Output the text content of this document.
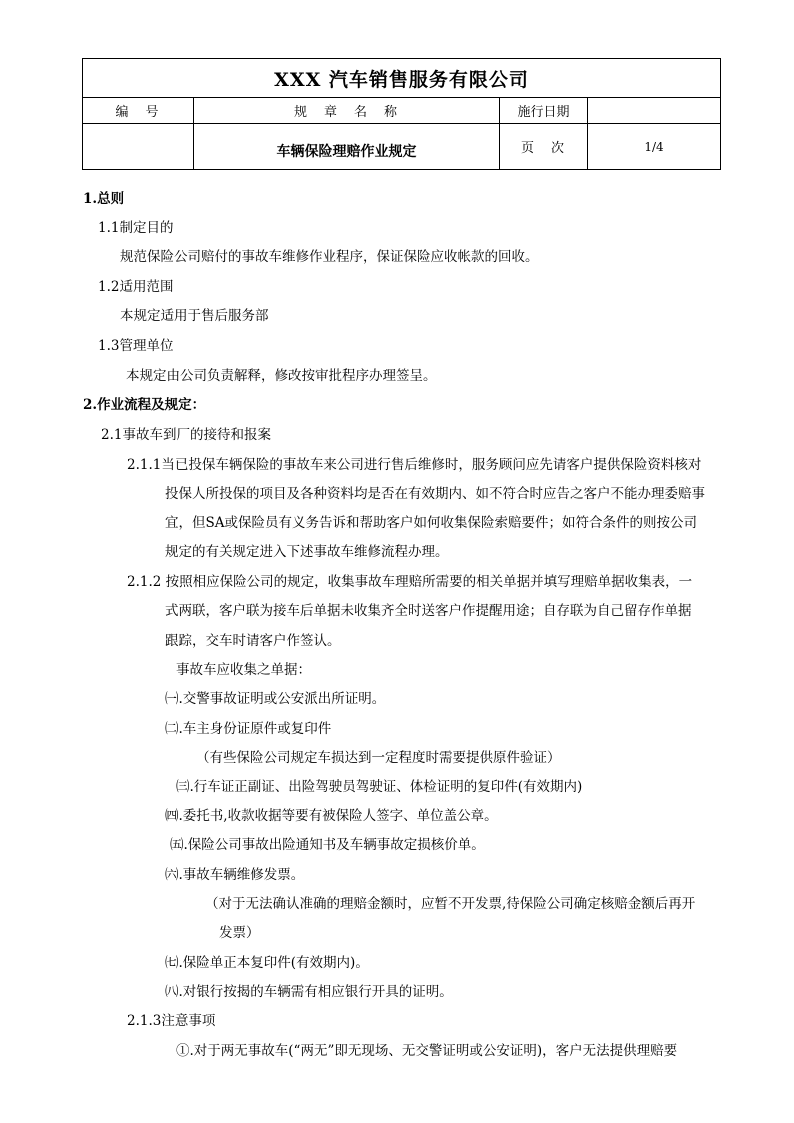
XXX 汽车销售服务有限公司			
编　号	规　章　名　称	施行日期	
	车辆保险理赔作业规定	页　次	1/4
1.总则
1.1制定目的
规范保险公司赔付的事故车维修作业程序，保证保险应收帐款的回收。
1.2适用范围
本规定适用于售后服务部
1.3管理单位
本规定由公司负责解释，修改按审批程序办理签呈。
2.作业流程及规定：
2.1事故车到厂的接待和报案
2.1.1当已投保车辆保险的事故车来公司进行售后维修时，服务顾问应先请客户提供保险资料核对
投保人所投保的项目及各种资料均是否在有效期内、如不符合时应告之客户不能办理委赔事
宜，但SA或保险员有义务告诉和帮助客户如何收集保险索赔要件；如符合条件的则按公司
规定的有关规定进入下述事故车维修流程办理。
2.1.2 按照相应保险公司的规定，收集事故车理赔所需要的相关单据并填写理赔单据收集表，一
式两联，客户联为接车后单据未收集齐全时送客户作提醒用途；自存联为自己留存作单据
跟踪，交车时请客户作签认。
事故车应收集之单据：
㈠.交警事故证明或公安派出所证明。
㈡.车主身份证原件或复印件
（有些保险公司规定车损达到一定程度时需要提供原件验证）
㈢.行车证正副证、出险驾驶员驾驶证、体检证明的复印件(有效期内)
㈣.委托书,收款收据等要有被保险人签字、单位盖公章。
㈤.保险公司事故出险通知书及车辆事故定损核价单。
㈥.事故车辆维修发票。
（对于无法确认准确的理赔金额时，应暂不开发票,待保险公司确定核赔金额后再开
发票）
㈦.保险单正本复印件(有效期内)。
㈧.对银行按揭的车辆需有相应银行开具的证明。
2.1.3注意事项
①.对于两无事故车(“两无”即无现场、无交警证明或公安证明)，客户无法提供理赔要
